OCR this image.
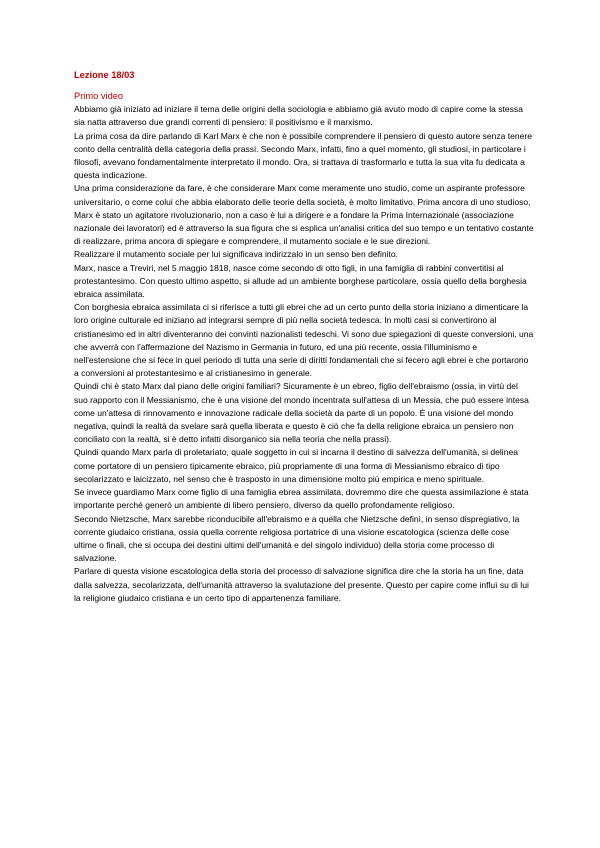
Lezione 18/03
Primo video

Abbiamo già iniziato ad iniziare il tema delle origini della sociologia e abbiamo già avuto modo di capire come la stessa sia natta attraverso due grandi correnti di pensiero: il positivismo e il marxismo.

La prima cosa da dire parlando di Karl Marx è che non è possibile comprendere il pensiero di questo autore senza tenere conto della centralità della categoria della prassi. Secondo Marx, infatti, fino a quel momento, gli studiosi, in particolare i filosofi, avevano fondamentalmente interpretato il mondo. Ora, si trattava di trasformarlo e tutta la sua vita fu dedicata a questa indicazione.

Una prima considerazione da fare, è che considerare Marx come meramente uno studio, come un aspirante professore universitario, o come colui che abbia elaborato delle teorie della società, è molto limitativo. Prima ancora di uno studioso, Marx è stato un agitatore rivoluzionario, non a caso è lui a dirigere e a fondare la Prima Internazionale (associazione nazionale dei lavoratori) ed è attraverso la sua figura che si esplica un'analisi critica del suo tempo e un tentativo costante di realizzare, prima ancora di spiegare e comprendere, il mutamento sociale e le sue direzioni.

Realizzare il mutamento sociale per lui significava indirizzalo in un senso ben definito.

Marx, nasce a Treviri, nel 5 maggio 1818, nasce come secondo di otto figli, in una famiglia di rabbini convertitisi al protestantesimo. Con questo ultimo aspetto, si allude ad un ambiente borghese particolare, ossia quello della borghesia ebraica assimilata.

Con borghesia ebraica assimilata ci si riferisce a tutti gli ebrei che ad un certo punto della storia iniziano a dimenticare la loro origine culturale ed iniziano ad integrarsi sempre di più nella società tedesca. In molti casi si convertirono al cristianesimo ed in altri diventeranno dei convinti nazionalisti tedeschi. Vi sono due spiegazioni di queste conversioni, una che avverrà con l'affermazione del Nazismo in Germania in futuro, ed una più recente, ossia l'illuminismo e nell'estensione che si fece in quel periodo di tutta una serie di diritti fondamentali che si fecero agli ebrei e che portarono a conversioni al protestantesimo e al cristianesimo in generale.

Quindi chi è stato Marx dal piano delle origini familiari? Sicuramente è un ebreo, figlio dell'ebraismo (ossia, in virtù del suo rapporto con il Messianismo, che è una visione del mondo incentrata sull'attesa di un Messia, che può essere intesa come un'attesa di rinnovamento e innovazione radicale della società da parte di un popolo. È una visione del mondo negativa, quindi la realtà da svelare sarà quella liberata e questo è ciò che fa della religione ebraica un pensiero non conciliato con la realtà, si è detto infatti disorganico sia nella teoria che nella prassi).

Quindi quando Marx parla di proletariato, quale soggetto in cui si incarna il destino di salvezza dell'umanità, si delinea come portatore di un pensiero tipicamente ebraico, più propriamente di una forma di Messianismo ebraico di tipo secolarizzato e laicizzato, nel senso che è trasposto in una dimensione molto più empirica e meno spirituale.

Se invece guardiamo Marx come figlio di una famiglia ebrea assimilata, dovremmo dire che questa assimilazione è stata importante perché generò un ambiente di libero pensiero, diverso da quello profondamente religioso.

Secondo Nietzsche, Marx sarebbe riconducibile all'ebraismo e a quella che Nietzsche definì, in senso dispregiativo, la corrente giudaico cristiana, ossia quella corrente religiosa portatrice di una visione escatologica (scienza delle cose ultime o finali, che si occupa dei destini ultimi dell'umanità e del singolo individuo) della storia come processo di salvazione.

Parlare di questa visione escatologica della storia del processo di salvazione significa dire che la storia ha un fine, data dalla salvezza, secolarizzata, dell'umanità attraverso la svalutazione del presente. Questo per capire come influì su di lui la religione giudaico cristiana e un certo tipo di appartenenza familiare.
